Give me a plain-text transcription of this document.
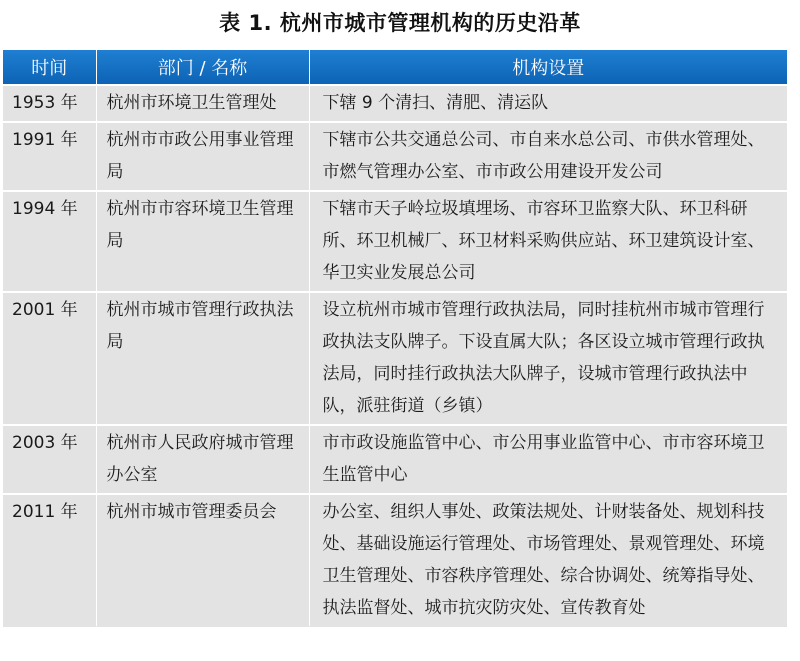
表 1. 杭州市城市管理机构的历史沿革
时间	部门 / 名称	机构设置
1953 年	杭州市环境卫生管理处	下辖 9 个清扫、清肥、清运队
1991 年	杭州市市政公用事业管理局	下辖市公共交通总公司、市自来水总公司、市供水管理处、市燃气管理办公室、市市政公用建设开发公司
1994 年	杭州市市容环境卫生管理局	下辖市天子岭垃圾填埋场、市容环卫监察大队、环卫科研所、环卫机械厂、环卫材料采购供应站、环卫建筑设计室、华卫实业发展总公司
2001 年	杭州市城市管理行政执法局	设立杭州市城市管理行政执法局，同时挂杭州市城市管理行政执法支队牌子。下设直属大队；各区设立城市管理行政执法局，同时挂行政执法大队牌子，设城市管理行政执法中队，派驻街道（乡镇）
2003 年	杭州市人民政府城市管理办公室	市市政设施监管中心、市公用事业监管中心、市市容环境卫生监管中心
2011 年	杭州市城市管理委员会	办公室、组织人事处、政策法规处、计财装备处、规划科技处、基础设施运行管理处、市场管理处、景观管理处、环境卫生管理处、市容秩序管理处、综合协调处、统筹指导处、执法监督处、城市抗灾防灾处、宣传教育处
